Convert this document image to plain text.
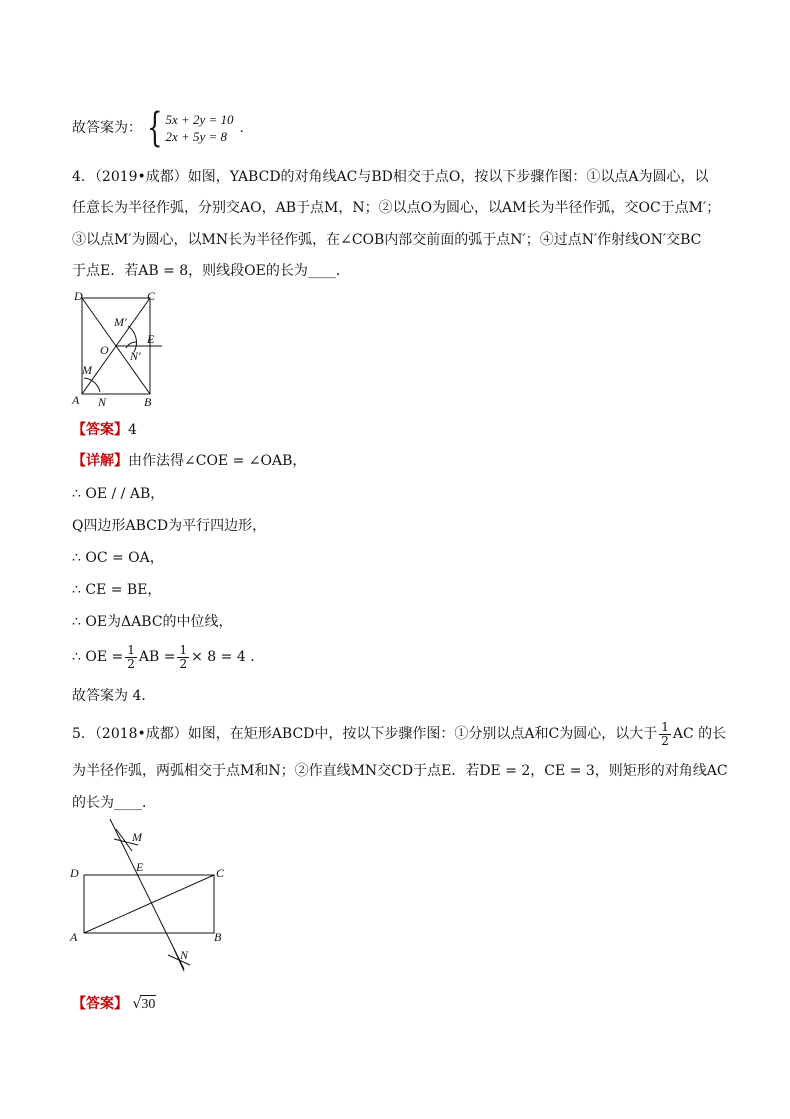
故答案为： { 5x + 2y = 10
2x + 5y = 8
.
4．（2019•成都）如图，YABCD的对角线AC与BD相交于点O，按以下步骤作图：①以点A为圆心，以
任意长为半径作弧，分别交AO，AB于点M，N；②以点O为圆心，以AM长为半径作弧，交OC于点M′；
③以点M′为圆心，以MN长为半径作弧，在∠COB内部交前面的弧于点N′；④过点N′作射线ON′交BC
于点E．若AB = 8，则线段OE的长为____．
D	C
M′
E
O N′
M
A N	B
【答案】4
【详解】由作法得∠COE = ∠OAB，
∴ OE / / AB，
Q四边形ABCD为平行四边形，
∴ OC = OA，
∴ CE = BE，
∴ OE为ΔABC的中位线，
∴ OE = $\frac{1}{2}$ AB = $\frac{1}{2} \times 8 = 4$ .
故答案为 4．
5．（2018•成都）如图，在矩形ABCD中，按以下步骤作图：①分别以点A和C为圆心，以大于 $\frac{1}{2}$ AC 的长
为半径作弧，两弧相交于点M和N；②作直线MN交CD于点E．若DE = 2，CE = 3，则矩形的对角线AC
的长为____．
M
D	E	C
A	B
N
【答案】 √ 30
